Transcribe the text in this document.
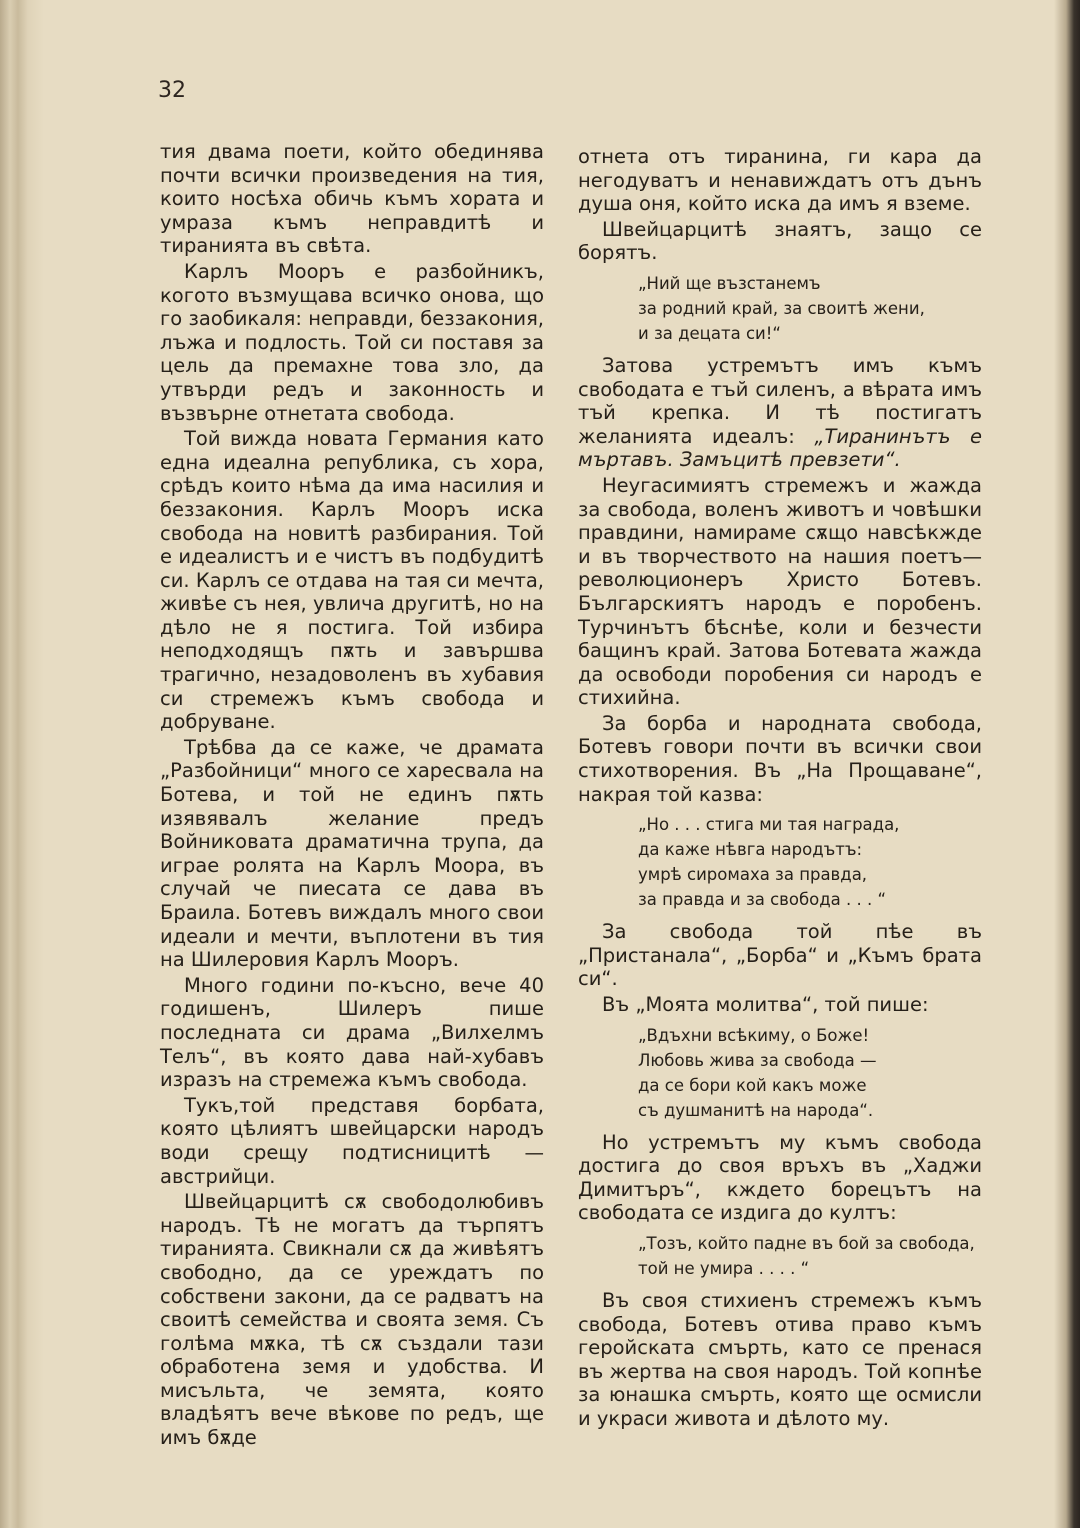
32

тия двама поети, който обединява почти всички произведения на тия, които носѣха обичь къмъ хората и умраза къмъ неправдитѣ и тиранията въ свѣта.

Карлъ Мооръ е разбойникъ, когото възмущава всичко онова, що го заобикаля: неправди, беззакония, лъжа и подлость. Той си поставя за цель да премахне това зло, да утвърди редъ и законность и възвърне отнетата свобода.

Той вижда новата Германия като една идеална република, съ хора, срѣдъ които нѣма да има насилия и беззакония. Карлъ Мооръ иска свобода на новитѣ разбирания. Той е идеалистъ и е чистъ въ подбудитѣ си. Карлъ се отдава на тая си мечта, живѣе съ нея, увлича другитѣ, но на дѣло не я постига. Той избира неподходящъ пѫть и завършва трагично, незадоволенъ въ хубавия си стремежъ къмъ свобода и добруване.

Трѣбва да се каже, че драмата „Разбойници“ много се харесвала на Ботева, и той не единъ пѫть изявявалъ желание предъ Войниковата драматична трупа, да играе ролята на Карлъ Моора, въ случай че пиесата се дава въ Браила. Ботевъ виждалъ много свои идеали и мечти, въплотени въ тия на Шилеровия Карлъ Мооръ.

Много години по-късно, вече 40 годишенъ, Шилеръ пише последната си драма „Вилхелмъ Телъ“, въ която дава най-хубавъ изразъ на стремежа къмъ свобода.

Тукъ,той представя борбата, която цѣлиятъ швейцарски народъ води срещу подтисницитѣ — австрийци.

Швейцарцитѣ сѫ свободолюбивъ народъ. Тѣ не могатъ да търпятъ тиранията. Свикнали сѫ да живѣятъ свободно, да се уреждатъ по собствени закони, да се радватъ на своитѣ семейства и своята земя. Съ голѣма мѫка, тѣ сѫ създали тази обработена земя и удобства. И мисъльта, че земята, която владѣятъ вече вѣкове по редъ, ще имъ бѫде

отнета отъ тиранина, ги кара да негодуватъ и ненавиждатъ отъ дънъ душа оня, който иска да имъ я вземе.

Швейцарцитѣ знаятъ, защо се борятъ.

„Ний ще възстанемъ
за родний край, за своитѣ жени,
и за децата си!“

Затова устремътъ имъ къмъ свободата е тъй силенъ, а вѣрата имъ тъй крепка. И тѣ постигатъ желанията идеалъ: „Тиранинътъ е мъртавъ. Замъцитѣ превзети“.

Неугасимиятъ стремежъ и жажда за свобода, воленъ животъ и човѣшки правдини, намираме сѫщо навсѣкжде и въ творчеството на нашия поетъ—революционеръ Христо Ботевъ. Българскиятъ народъ е поробенъ. Турчинътъ бѣснѣе, коли и безчести бащинъ край. Затова Ботевата жажда да освободи поробения си народъ е стихийна.

За борба и народната свобода, Ботевъ говори почти въ всички свои стихотворения. Въ „На Прощаване“, накрая той казва:

„Но . . . стига ми тая награда,
да каже нѣвга народътъ:
умрѣ сиромаха за правда,
за правда и за свобода . . . “

За свобода той пѣе въ „Пристанала“, „Борба“ и „Къмъ брата си“.

Въ „Моята молитва“, той пише:

„Вдъхни всѣкиму, о Боже!
Любовь жива за свобода —
да се бори кой какъ може
съ душманитѣ на народа“.

Но устремътъ му къмъ свобода достига до своя връхъ въ „Хаджи Димитъръ“, кждето борецътъ на свободата се издига до култъ:

„Тозъ, който падне въ бой за свобода,
той не умира . . . . “

Въ своя стихиенъ стремежъ къмъ свобода, Ботевъ отива право къмъ геройската смърть, като се пренася въ жертва на своя народъ. Той копнѣе за юнашка смърть, която ще осмисли и украси живота и дѣлото му.
